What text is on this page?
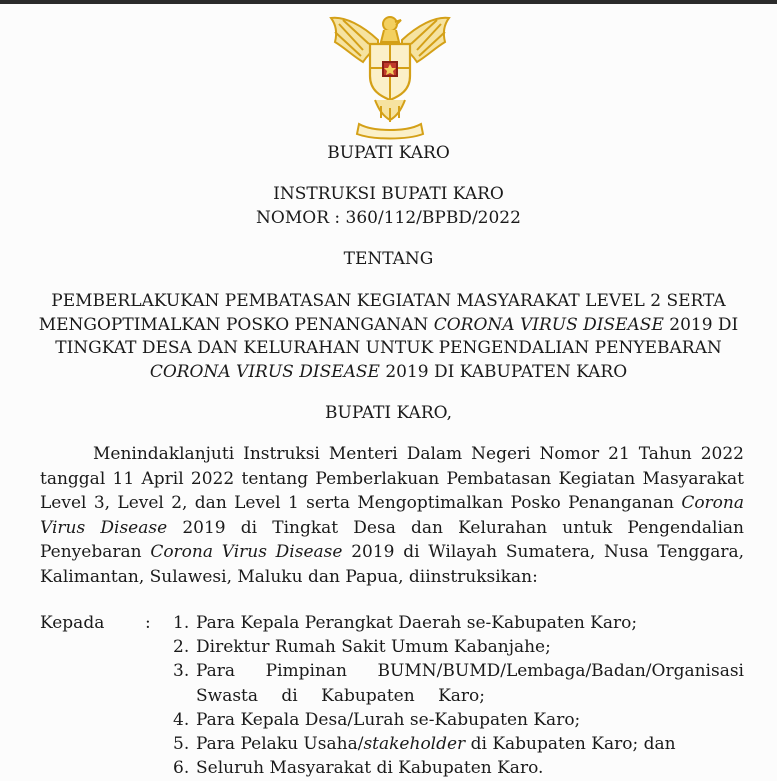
BUPATI KARO
INSTRUKSI BUPATI KARO
NOMOR : 360/112/BPBD/2022
TENTANG
PEMBERLAKUKAN PEMBATASAN KEGIATAN MASYARAKAT LEVEL 2 SERTA
MENGOPTIMALKAN POSKO PENANGANAN CORONA VIRUS DISEASE 2019 DI
TINGKAT DESA DAN KELURAHAN UNTUK PENGENDALIAN PENYEBARAN
CORONA VIRUS DISEASE 2019 DI KABUPATEN KARO
BUPATI KARO,
Menindaklanjuti Instruksi Menteri Dalam Negeri Nomor 21 Tahun 2022 tanggal 11 April 2022 tentang Pemberlakuan Pembatasan Kegiatan Masyarakat Level 3, Level 2, dan Level 1 serta Mengoptimalkan Posko Penanganan Corona Virus Disease 2019 di Tingkat Desa dan Kelurahan untuk Pengendalian Penyebaran Corona Virus Disease 2019 di Wilayah Sumatera, Nusa Tenggara, Kalimantan, Sulawesi, Maluku dan Papua, diinstruksikan:
Kepada : 1. Para Kepala Perangkat Daerah se-Kabupaten Karo;
2. Direktur Rumah Sakit Umum Kabanjahe;
3. Para Pimpinan BUMN/BUMD/Lembaga/Badan/Organisasi Swasta di Kabupaten Karo;
4. Para Kepala Desa/Lurah se-Kabupaten Karo;
5. Para Pelaku Usaha/stakeholder di Kabupaten Karo; dan
6. Seluruh Masyarakat di Kabupaten Karo.
